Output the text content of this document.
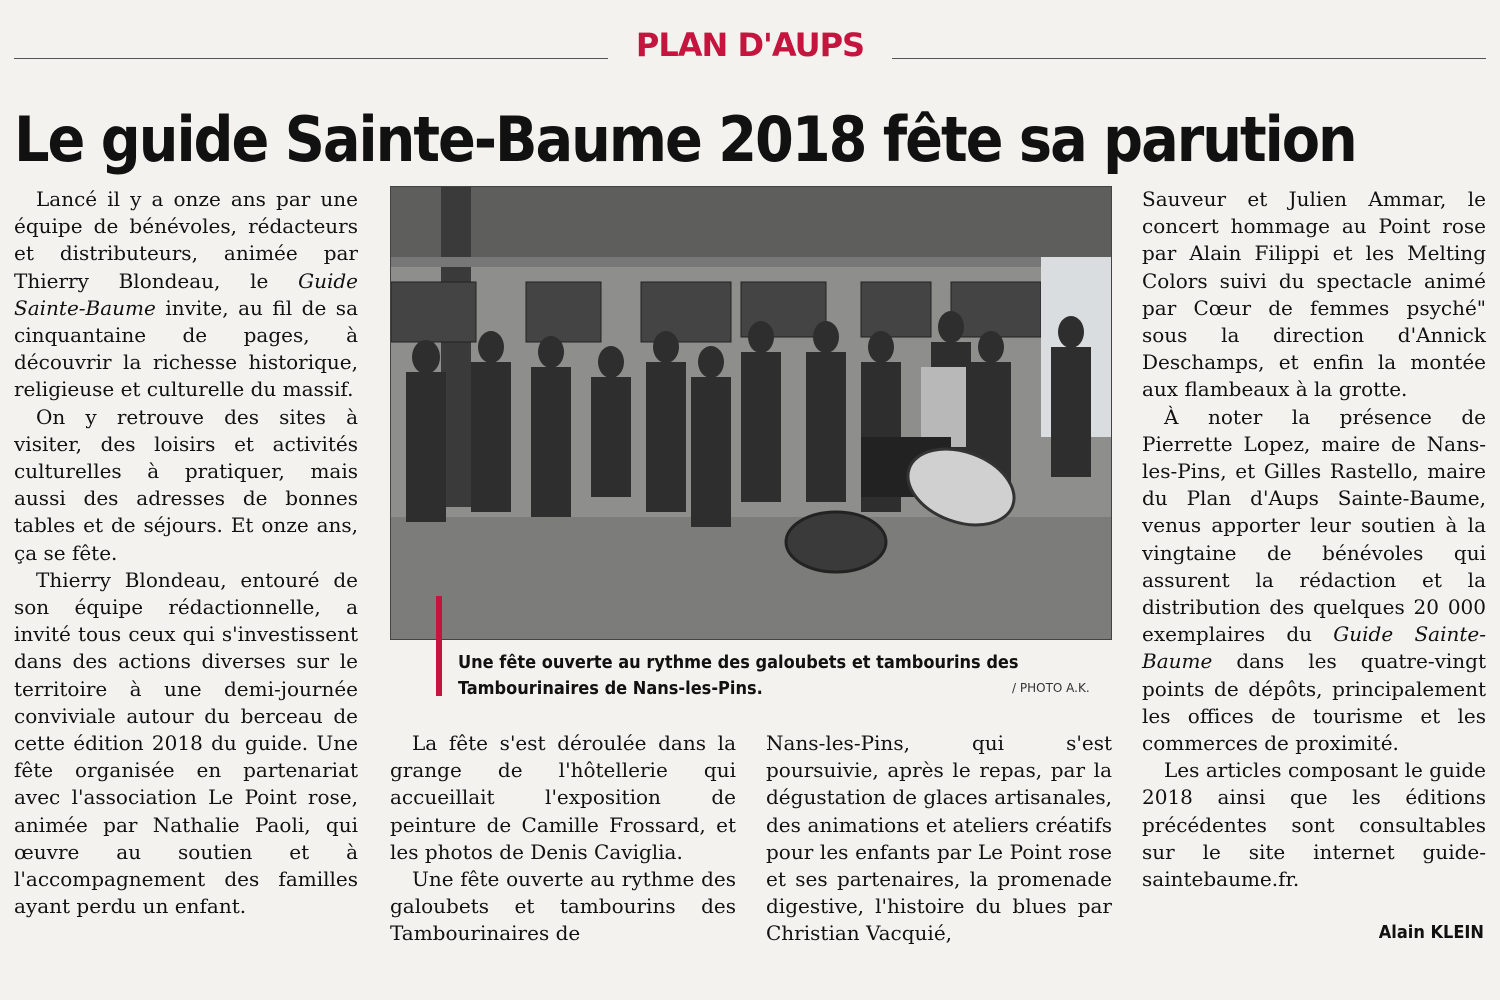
PLAN D'AUPS
Le guide Sainte-Baume 2018 fête sa parution

Lancé il y a onze ans par une équipe de bénévoles, rédacteurs et distributeurs, animée par Thierry Blondeau, le Guide Sainte-Baume invite, au fil de sa cinquantaine de pages, à découvrir la richesse historique, religieuse et culturelle du massif.

On y retrouve des sites à visiter, des loisirs et activités culturelles à pratiquer, mais aussi des adresses de bonnes tables et de séjours. Et onze ans, ça se fête.

Thierry Blondeau, entouré de son équipe rédactionnelle, a invité tous ceux qui s'investissent dans des actions diverses sur le territoire à une demi-journée conviviale autour du berceau de cette édition 2018 du guide. Une fête organisée en partenariat avec l'association Le Point rose, animée par Nathalie Paoli, qui œuvre au soutien et à l'accompagnement des familles ayant perdu un enfant.

Une fête ouverte au rythme des galoubets et tambourins des Tambourinaires de Nans-les-Pins.	/ PHOTO A.K.

La fête s'est déroulée dans la grange de l'hôtellerie qui accueillait l'exposition de peinture de Camille Frossard, et les photos de Denis Caviglia.

Une fête ouverte au rythme des galoubets et tambourins des Tambourinaires de

Nans-les-Pins, qui s'est poursuivie, après le repas, par la dégustation de glaces artisanales, des animations et ateliers créatifs pour les enfants par Le Point rose et ses partenaires, la promenade digestive, l'histoire du blues par Christian Vacquié,

Sauveur et Julien Ammar, le concert hommage au Point rose par Alain Filippi et les Melting Colors suivi du spectacle animé par Cœur de femmes psyché" sous la direction d'Annick Deschamps, et enfin la montée aux flambeaux à la grotte.

À noter la présence de Pierrette Lopez, maire de Nans-les-Pins, et Gilles Rastello, maire du Plan d'Aups Sainte-Baume, venus apporter leur soutien à la vingtaine de bénévoles qui assurent la rédaction et la distribution des quelques 20 000 exemplaires du Guide Sainte-Baume dans les quatre-vingt points de dépôts, principalement les offices de tourisme et les commerces de proximité.

Les articles composant le guide 2018 ainsi que les éditions précédentes sont consultables sur le site internet guide-saintebaume.fr.

Alain KLEIN
